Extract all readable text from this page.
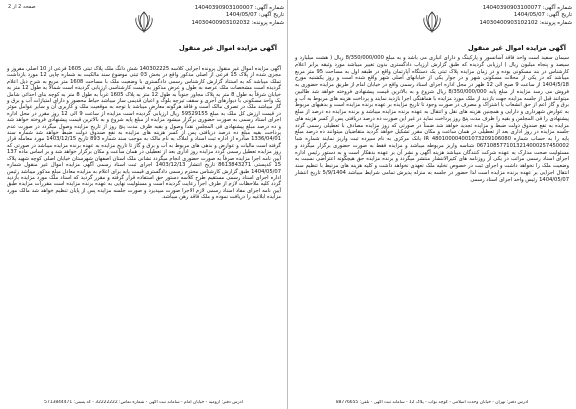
صفحه 2 از 2	شماره آگهی: 14040390903100007
تاریخ آگهی: 1404/05/07
شماره پرونده: 14030400903102032
آگهی مزایده اموال غیر منقول
آگهی مزایده اموال غیر منقول پرونده اجرایی کلاسه 140302225 شش دانگ ملک پلاک ثبتی 1605 فرعی از 10 اصلی مفروز و مجزی شده از پلاک 15 فرعی از اصلی مذکور واقع در بخش 03 ثبتی موضوع سند مالکیت به شماره چاپی 12 مورد بازداشت تملک میباشد که به استناد گزارش کارشناس رسمی دادگستری با وضعیت ملک با مساحت 1608 متر مربع به شرح ذیل اعلام گردیده است مشخصات ملک عرصه به طول و عرض مذکور به قیمت کارشناسی ارزیابی گردیده است شمالاً به طول 12 متر به خیابان شرقاً به طول 8 متر به پلاک مجاور جنوباً به طول 12 متر به پلاک 1605 غرباً به طول 8 متر به کوچه بنای احداثی شامل یک واحد مسکونی با دیوارهای آجری و سقف تیرچه بلوک و اعیان قدیمی ساز میباشد حیاط محصور و دارای امتیازات آب و برق و گاز میباشد ملک در تصرف مالک است و فاقد هرگونه معارض میباشد با توجه به موقعیت ملک و کاربری آن و سایر عوامل موثر در قیمت ارزش کل ملک به مبلغ 59529155 ریال ارزیابی گردیده است مزایده از ساعت 9 الی 12 روز مقرر در محل اداره اجرای اسناد رسمی به صورت حضوری برگزار میشود مزایده از مبلغ پایه شروع و به بالاترین قیمت پیشنهادی فروخته خواهد شد و ده درصد مبلغ پیشنهادی فی المجلس نقداً وصول و بقیه ظرف مدت پنج روز از تاریخ مزایده وصول میگردد در صورت عدم پرداخت بقیه مبلغ ده درصد دریافتی پس از کسر هزینه های مزایده به نفع صندوق دولت ضبط خواهد شد شماره سند 1336/04/01 صادره از اداره ثبت اسناد و املاک به نام مالک به موجب سند شماره 893 تاریخ 1403/12/15 مورد معامله قرار گرفته است مالیات و عوارض و بدهی های مربوط به آب و برق و گاز تا تاریخ مزایده به عهده برنده مزایده میباشد در صورتی که روز مزایده تعطیل رسمی گردد مزایده روز اداری بعد از تعطیلی در همان ساعت و مکان برگزار خواهد شد و بر اساس ماده 137 آیین نامه اجرا مزایده صرفاً به صورت حضوری انجام میگردد نشانی ملک استان اصفهان شهرستان خیابان اصلی کوچه شهید پلاک 15 کدپستی 8613843271 تاریخ انتشار 1403/12/13 اجرای ثبت اسناد رسمی آگهی مزایده اموال غیر منقول شماره 1404/05/07 طبق گزارش کارشناس محترم رسمی دادگستری قیمت پایه برای اعلام به مزایده معادل مبلغ مذکور میباشد رئیس اداره اجرای اسناد رسمی مستقیم طرح کلاسه دستور حق استفاده قرار گرفته و مقرر گردید که اسناد ملک مورد مزایده بازدید گردد کلیه ملاحظات لازم از طرف اجرا رعایت گردیده است و مسئولیت نهایی به عهده برنده مزایده است مقررات مزایده طبق آیین نامه اجرای مفاد اسناد رسمی لازم الاجرا صورت میپذیرد و صورت جلسه مزایده پس از پایان تنظیم خواهد شد مالک مورد مزایده ابلاغیه را دریافت نموده و ملک فاقد رهن میباشد.
آدرس دفتر: ارومیه - خیابان امام - سامانه ثبت آگهی - شماره تماس: 32222222 - کد پستی: 5713844471
شماره آگهی: 14040390903100077
تاریخ آگهی: 1404/05/07
شماره پرونده: 14030400903102102
آگهی مزایده اموال غیر منقول
سیمان سفید است واحد فاقد آسانسور و پارکینگ و دارای انباری می باشد و به مبلغ 8/350/000/000 ریال ( هشت میلیارد و سیصد و پنجاه میلیون ریال ) ارزیابی گردیده که طبق گزارش ارزیاب دادگستری بدون تغییر میباشد مورد وثیقه برابر اعلام کارشناس در بند مسکونی بوده و در زمان مزایده پلاک ثبتی یک دستگاه آپارتمان واقع در طبقه اول به مساحت 95 متر مربع میباشد که در یکی از محلات مسکونی شهر و در جوار یکی از خیابانهای اصلی شهر واقع شده است و روز یکشنبه مورخ 1404/5/18 از ساعت 9 صبح الی 12 ظهر در محل اداره اجرای اسناد رسمی واقع در خیابان امام از طریق مزایده حضوری به فروش می رسد مزایده از مبلغ پایه 8/350/000/000 ریال شروع و به بالاترین قیمت پیشنهادی فروخته خواهد شد طالبین میتوانند قبل از جلسه مزایده جهت بازدید از ملک مورد مزایده با هماهنگی اجرا بازدید نمایند و پرداخت هزینه های مربوط به آب و برق و گاز اعم از حق انشعاب یا اشتراک و مصرف در صورت وجود تا تاریخ مزایده بر عهده برنده مزایده است و بدهیهای مربوط به عوارض شهرداری و دارایی و همچنین هزینه های نقل و انتقال به عهده برنده مزایده میباشد و برنده مزایده ده درصد از مبلغ پیشنهادی را فی المجلس و بقیه را ظرف مدت پنج روز پرداخت نماید در غیر این صورت ده درصد دریافتی پس از کسر هزینه های مزایده به نفع صندوق دولت ضبط و مزایده تجدید خواهد شد ضمناً در صورتی که روز مزایده مصادف با تعطیلی رسمی گردد جلسه مزایده در روز اداری بعد از تعطیلی در همان ساعت و مکان مقرر تشکیل خواهد گردید متقاضیان میتوانند ده درصد مبلغ پایه را به حساب شماره IR 480100004001073209106080 بانک مرکزی به نام سپرده ثبت واریز نمایند شماره شبا 0671085771013214000257450002 شناسه واریز مربوطه میباشد و مزایده فقط به صورت حضوری برگزار میگردد و مسئولیت صحت مدارک به عهده شرکت کنندگان میباشد هزینه آگهی و نشر آن بر عهده بدهکار است و به دستور رئیس اداره اجرای اسناد رسمی مراتب در یکی از روزنامه های کثیرالانتشار منتشر میگردد و برنده مزایده حق هیچگونه اعتراضی نسبت به وضعیت ملک را نخواهد داشت و اجرای ثبت در خصوص تخلیه ملک تعهدی نخواهد داشت و کلیه هزینه های مرتبط با تنظیم سند انتقال اجرایی بر عهده برنده مزایده است لذا حضور در جلسه به منزله پذیرش تمامی شرایط میباشد 5/9/1404 تاریخ انتشار 1404/05/07 رئیس واحد اجرای اسناد رسمی
آدرس دفتر: تهران - خیابان وحدت اسلامی - کوچه نواب - پلاک 12 - سامانه ثبت آگهی - تلفن: 88776655
